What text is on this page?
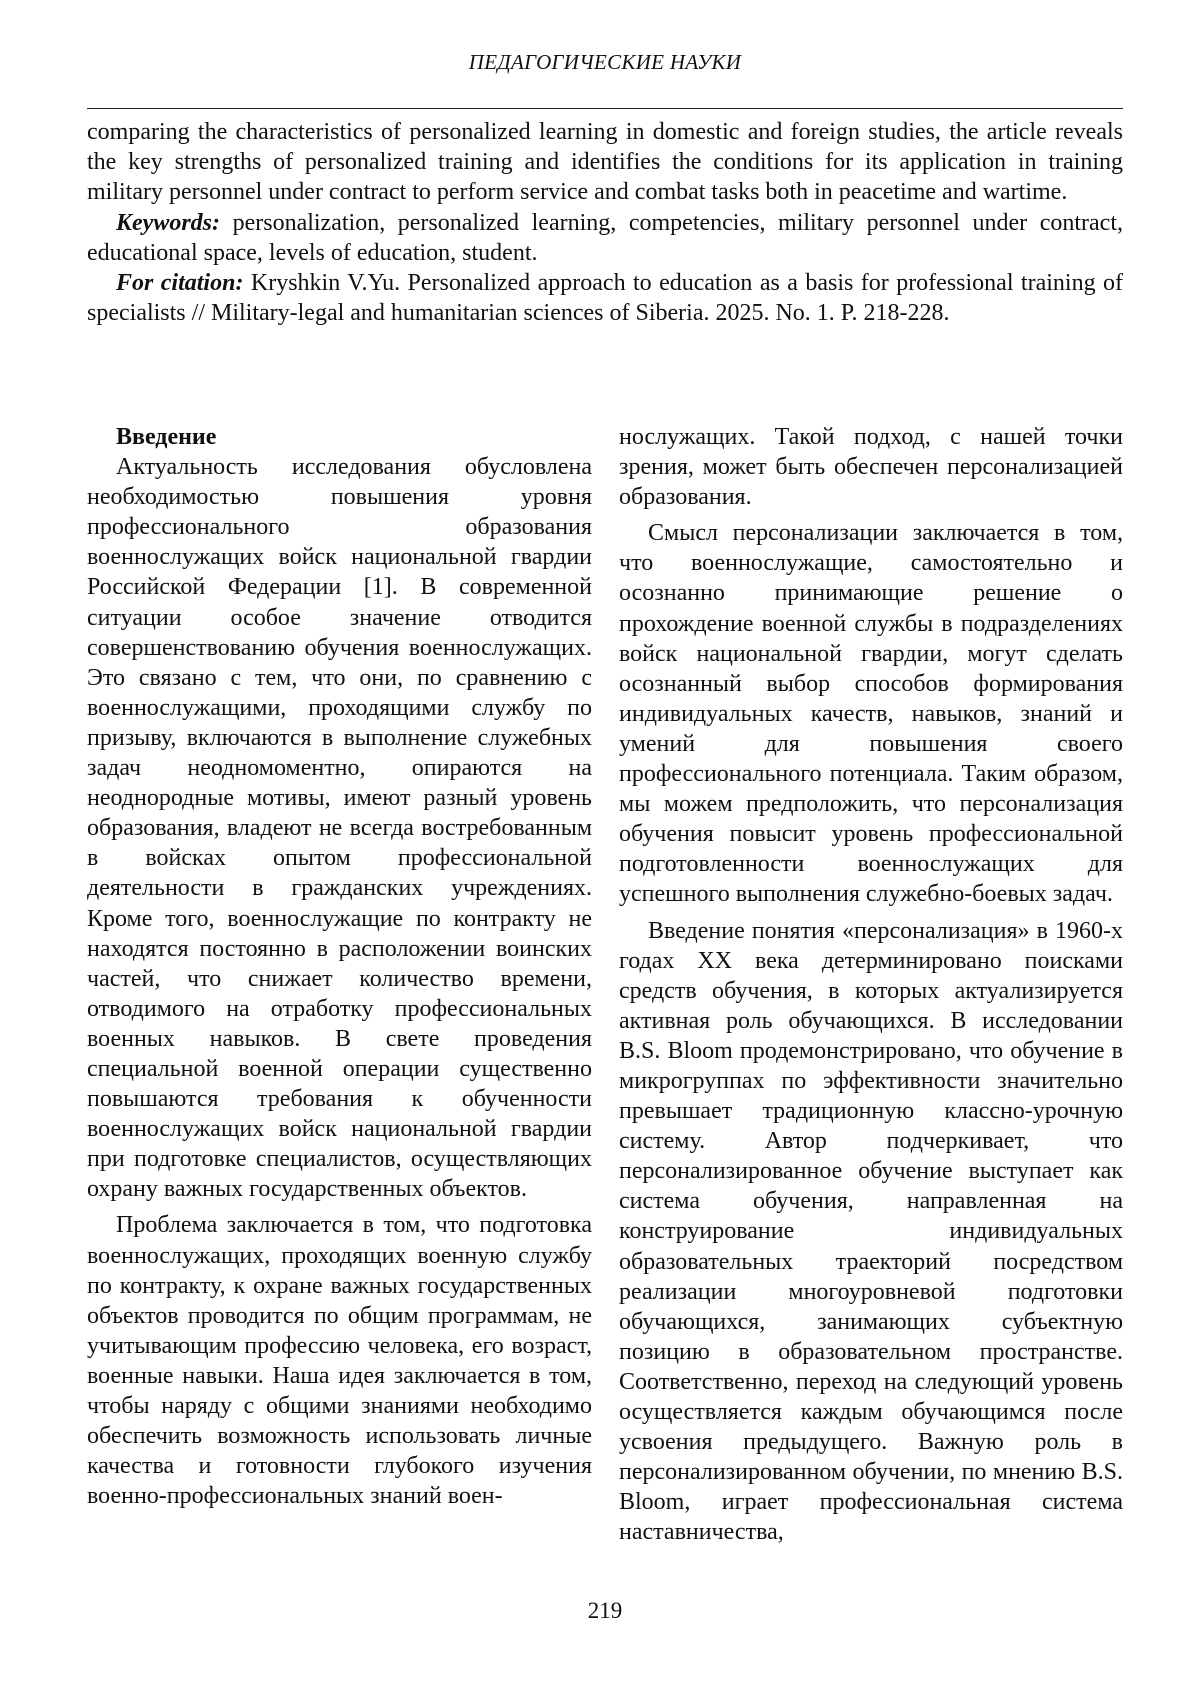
ПЕДАГОГИЧЕСКИЕ НАУКИ

comparing the characteristics of personalized learning in domestic and foreign studies, the article reveals the key strengths of personalized training and identifies the conditions for its application in training military personnel under contract to perform service and combat tasks both in peacetime and wartime.

Keywords: personalization, personalized learning, competencies, military personnel under contract, educational space, levels of education, student.

For citation: Kryshkin V.Yu. Personalized approach to education as a basis for professional training of specialists // Military-legal and humanitarian sciences of Siberia. 2025. No. 1. P. 218-228.

Введение

Актуальность исследования обусловлена необходимостью повышения уровня профессионального образования военнослужащих войск национальной гвардии Российской Федерации [1]. В современной ситуации особое значение отводится совершенствованию обучения военнослужащих. Это связано с тем, что они, по сравнению с военнослужащими, проходящими службу по призыву, включаются в выполнение служебных задач неодномоментно, опираются на неоднородные мотивы, имеют разный уровень образования, владеют не всегда востребованным в войсках опытом профессиональной деятельности в гражданских учреждениях. Кроме того, военнослужащие по контракту не находятся постоянно в расположении воинских частей, что снижает количество времени, отводимого на отработку профессиональных военных навыков. В свете проведения специальной военной операции существенно повышаются требования к обученности военнослужащих войск национальной гвардии при подготовке специалистов, осуществляющих охрану важных государственных объектов.

Проблема заключается в том, что подготовка военнослужащих, проходящих военную службу по контракту, к охране важных государственных объектов проводится по общим программам, не учитывающим профессию человека, его возраст, военные навыки. Наша идея заключается в том, чтобы наряду с общими знаниями необходимо обеспечить возможность использовать личные качества и готовности глубокого изучения военно-профессиональных знаний воен-

нослужащих. Такой подход, с нашей точки зрения, может быть обеспечен персонализацией образования.

Смысл персонализации заключается в том, что военнослужащие, самостоятельно и осознанно принимающие решение о прохождение военной службы в подразделениях войск национальной гвардии, могут сделать осознанный выбор способов формирования индивидуальных качеств, навыков, знаний и умений для повышения своего профессионального потенциала. Таким образом, мы можем предположить, что персонализация обучения повысит уровень профессиональной подготовленности военнослужащих для успешного выполнения служебно-боевых задач.

Введение понятия «персонализация» в 1960-х годах XX века детерминировано поисками средств обучения, в которых актуализируется активная роль обучающихся. В исследовании B.S. Bloom продемонстрировано, что обучение в микрогруппах по эффективности значительно превышает традиционную классно-урочную систему. Автор подчеркивает, что персонализированное обучение выступает как система обучения, направленная на конструирование индивидуальных образовательных траекторий посредством реализации многоуровневой подготовки обучающихся, занимающих субъектную позицию в образовательном пространстве. Соответственно, переход на следующий уровень осуществляется каждым обучающимся после усвоения предыдущего. Важную роль в персонализированном обучении, по мнению B.S. Bloom, играет профессиональная система наставничества,

219
